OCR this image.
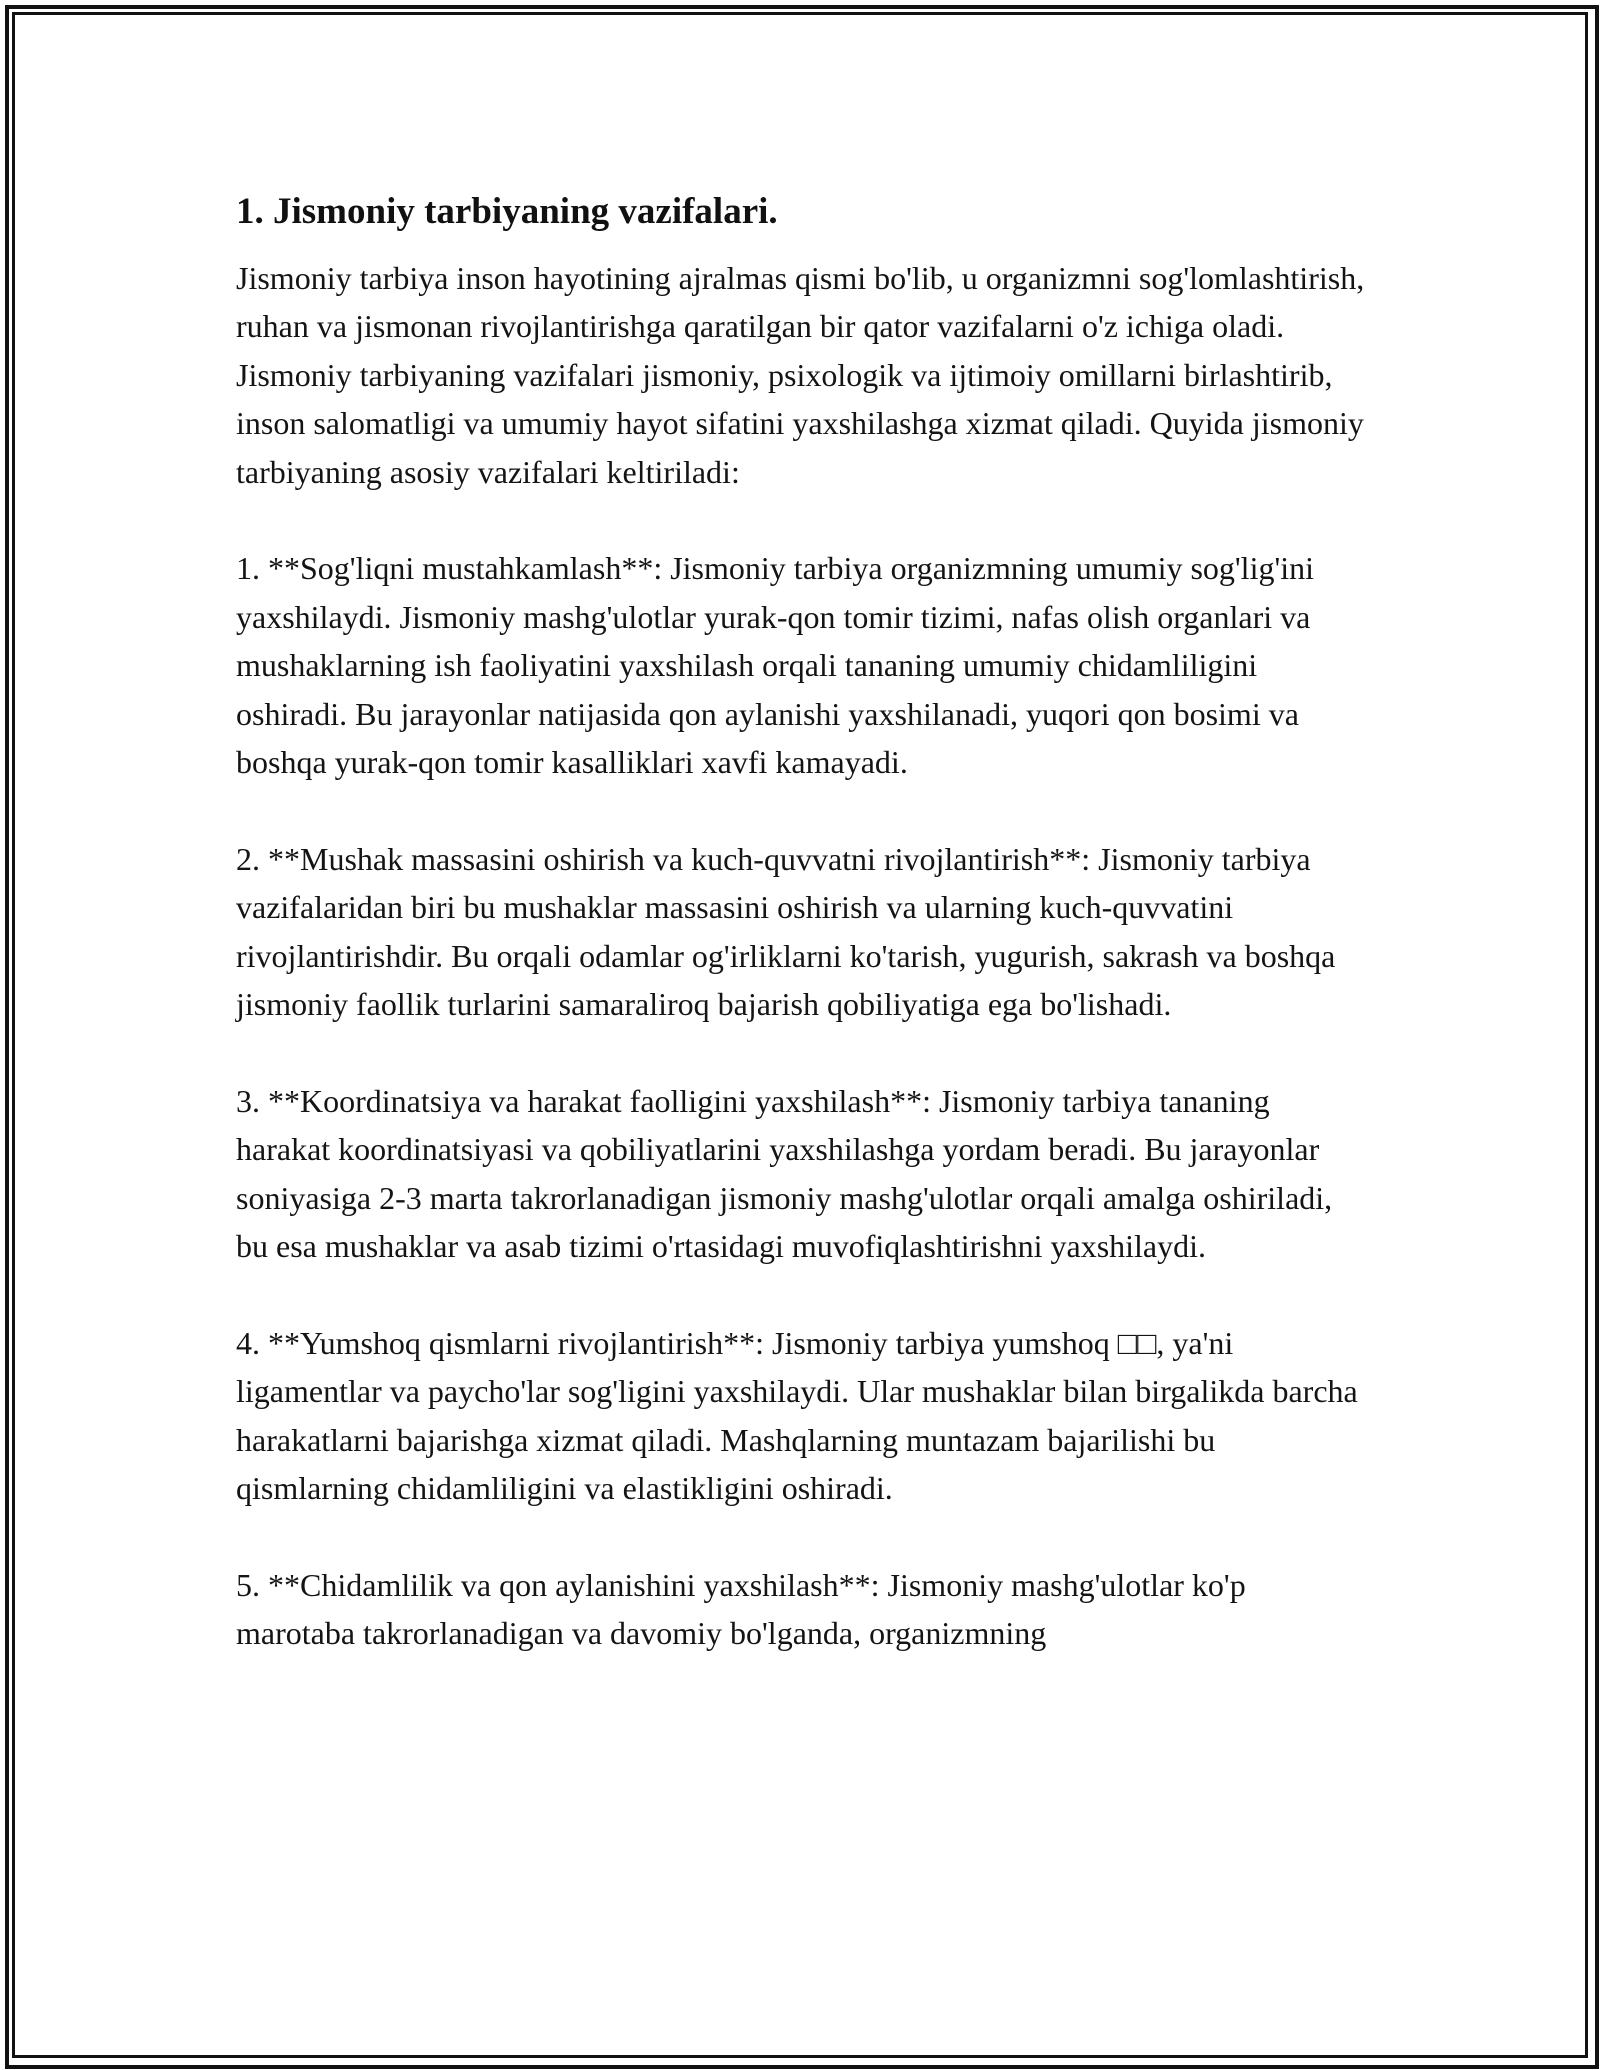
1. Jismoniy tarbiyaning vazifalari.

Jismoniy tarbiya inson hayotining ajralmas qismi bo'lib, u organizmni sog'lomlashtirish, ruhan va jismonan rivojlantirishga qaratilgan bir qator vazifalarni o'z ichiga oladi. Jismoniy tarbiyaning vazifalari jismoniy, psixologik va ijtimoiy omillarni birlashtirib, inson salomatligi va umumiy hayot sifatini yaxshilashga xizmat qiladi. Quyida jismoniy tarbiyaning asosiy vazifalari keltiriladi:

1. **Sog'liqni mustahkamlash**: Jismoniy tarbiya organizmning umumiy sog'lig'ini yaxshilaydi. Jismoniy mashg'ulotlar yurak-qon tomir tizimi, nafas olish organlari va mushaklarning ish faoliyatini yaxshilash orqali tananing umumiy chidamliligini oshiradi. Bu jarayonlar natijasida qon aylanishi yaxshilanadi, yuqori qon bosimi va boshqa yurak-qon tomir kasalliklari xavfi kamayadi.

2. **Mushak massasini oshirish va kuch-quvvatni rivojlantirish**: Jismoniy tarbiya vazifalaridan biri bu mushaklar massasini oshirish va ularning kuch-quvvatini rivojlantirishdir. Bu orqali odamlar og'irliklarni ko'tarish, yugurish, sakrash va boshqa jismoniy faollik turlarini samaraliroq bajarish qobiliyatiga ega bo'lishadi.

3. **Koordinatsiya va harakat faolligini yaxshilash**: Jismoniy tarbiya tananing harakat koordinatsiyasi va qobiliyatlarini yaxshilashga yordam beradi. Bu jarayonlar soniyasiga 2-3 marta takrorlanadigan jismoniy mashg'ulotlar orqali amalga oshiriladi, bu esa mushaklar va asab tizimi o'rtasidagi muvofiqlashtirishni yaxshilaydi.

4. **Yumshoq qismlarni rivojlantirish**: Jismoniy tarbiya yumshoq □□, ya'ni ligamentlar va paycho'lar sog'ligini yaxshilaydi. Ular mushaklar bilan birgalikda barcha harakatlarni bajarishga xizmat qiladi. Mashqlarning muntazam bajarilishi bu qismlarning chidamliligini va elastikligini oshiradi.

5. **Chidamlilik va qon aylanishini yaxshilash**: Jismoniy mashg'ulotlar ko'p marotaba takrorlanadigan va davomiy bo'lganda, organizmning
